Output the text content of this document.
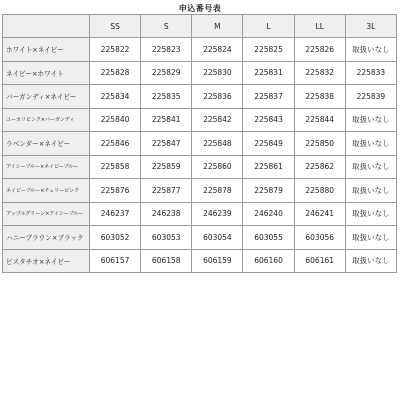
申込番号表
	SS	S	M	L	LL	3L
ホワイト×ネイビー	225822	225823	225824	225825	225826	取扱いなし
ネイビー×ホワイト	225828	225829	225830	225831	225832	225833
バーガンディ×ネイビー	225834	225835	225836	225837	225838	225839
ユーカリピンク×バーガンディ	225840	225841	225842	225843	225844	取扱いなし
ラベンダー×ネイビー	225846	225847	225848	225849	225850	取扱いなし
アイシーブルー×ネイビーブルー	225858	225859	225860	225861	225862	取扱いなし
ネイビーブルー×チェリーピンク	225876	225877	225878	225879	225880	取扱いなし
アップルグリーン×アイシーブルー	246237	246238	246239	246240	246241	取扱いなし
ハニーブラウン×ブラック	603052	603053	603054	603055	603056	取扱いなし
ピスタチオ×ネイビー	606157	606158	606159	606160	606161	取扱いなし
